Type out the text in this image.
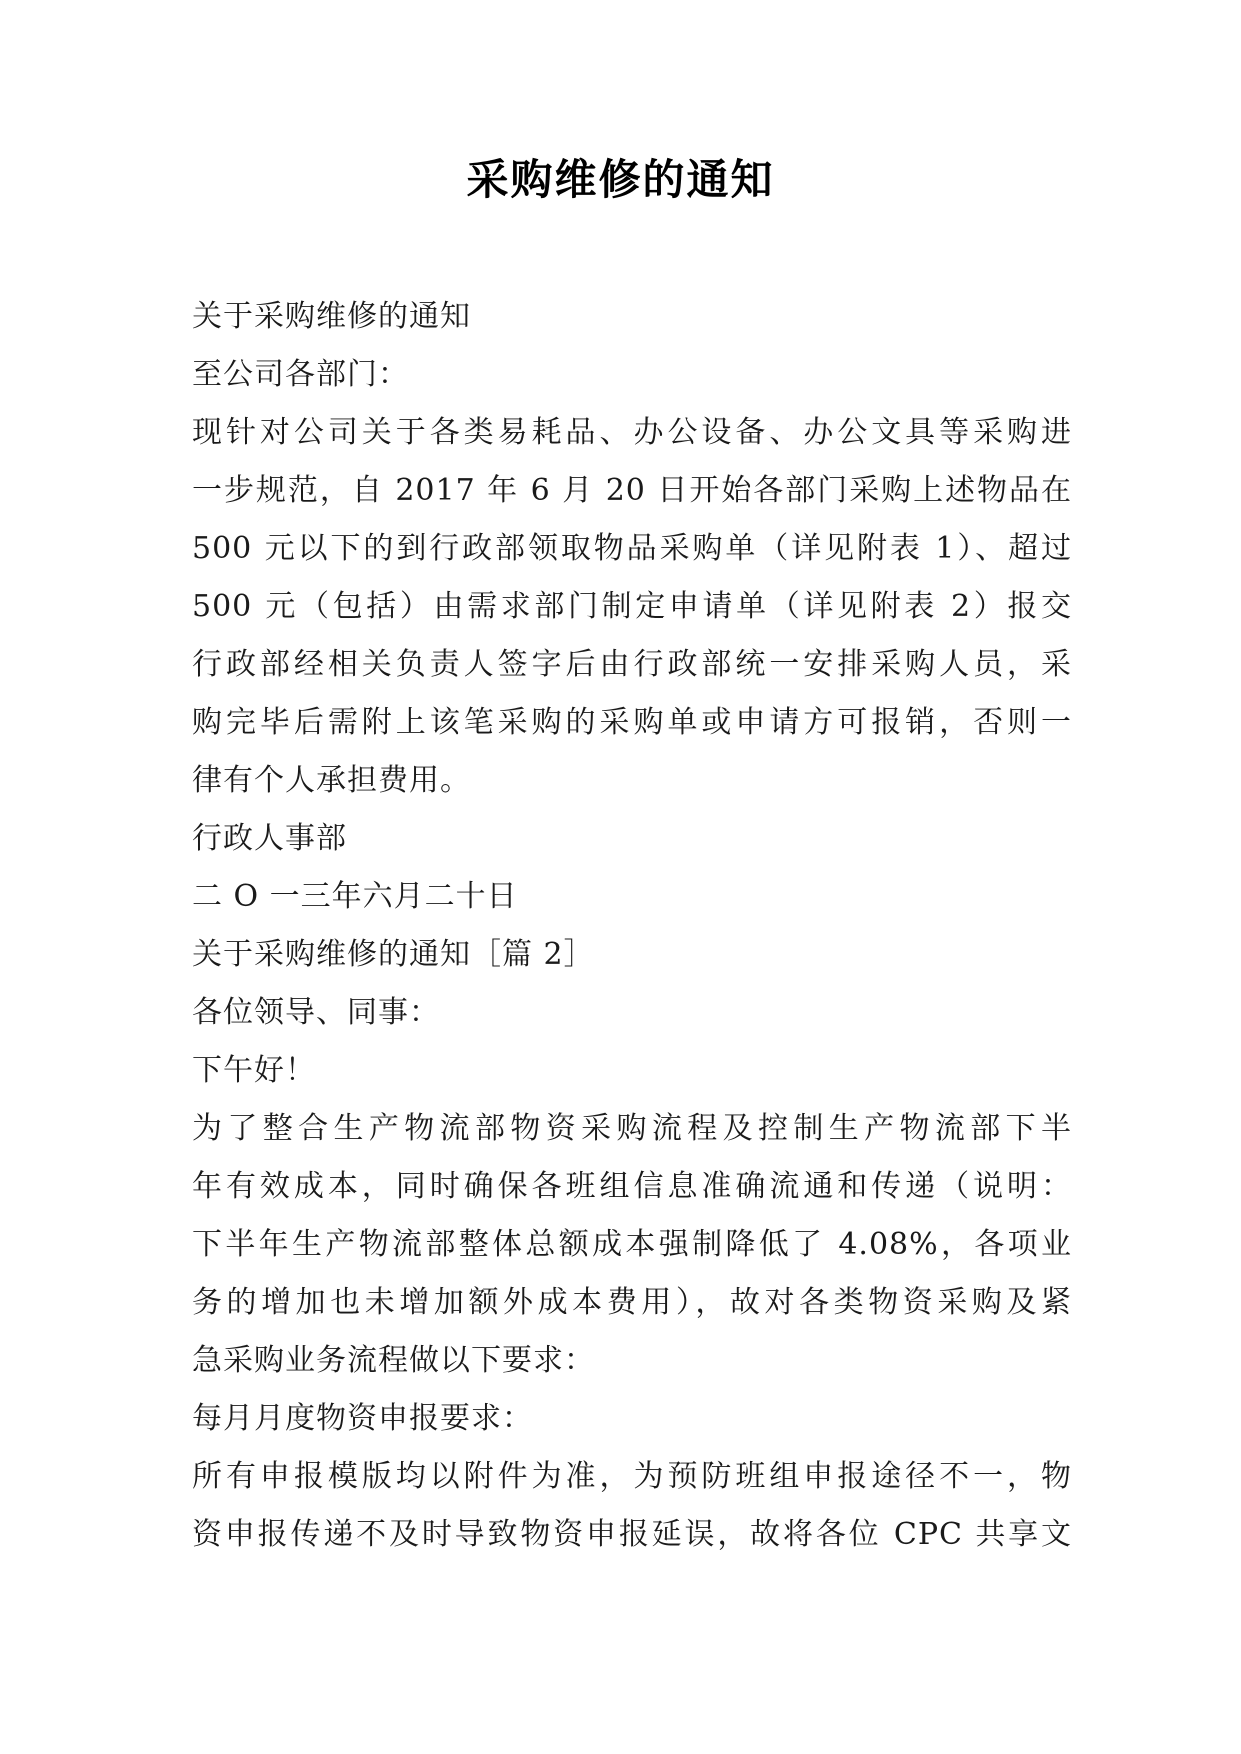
采购维修的通知
关于采购维修的通知
至公司各部门：
现针对公司关于各类易耗品、办公设备、办公文具等采购进
一步规范，自 2017 年 6 月 20 日开始各部门采购上述物品在
500 元以下的到行政部领取物品采购单（详见附表 1）、超过
500 元（包括）由需求部门制定申请单（详见附表 2）报交
行政部经相关负责人签字后由行政部统一安排采购人员，采
购完毕后需附上该笔采购的采购单或申请方可报销，否则一
律有个人承担费用。
行政人事部
二 O 一三年六月二十日
关于采购维修的通知［篇 2］
各位领导、同事：
下午好！
为了整合生产物流部物资采购流程及控制生产物流部下半
年有效成本，同时确保各班组信息准确流通和传递（说明：
下半年生产物流部整体总额成本强制降低了 4.08%，各项业
务的增加也未增加额外成本费用），故对各类物资采购及紧
急采购业务流程做以下要求：
每月月度物资申报要求：
所有申报模版均以附件为准，为预防班组申报途径不一，物
资申报传递不及时导致物资申报延误，故将各位 CPC 共享文
